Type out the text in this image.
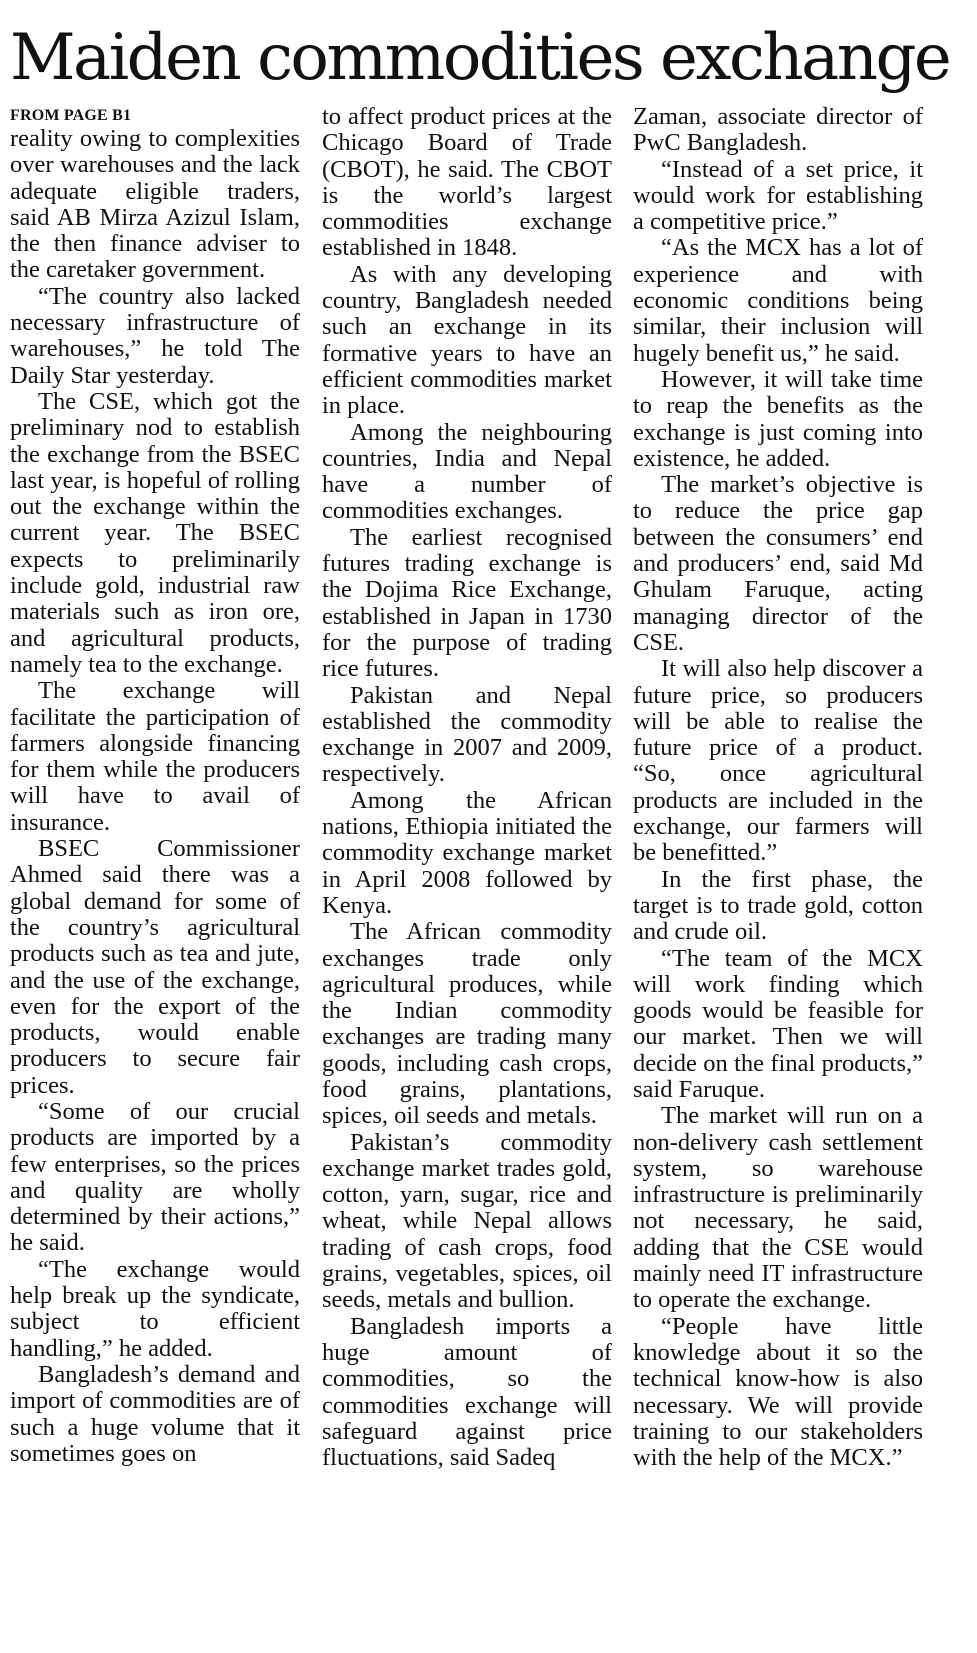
Maiden commodities exchange
FROM PAGE B1

reality owing to complexities over warehouses and the lack adequate eligible traders, said AB Mirza Azizul Islam, the then finance adviser to the caretaker government.

“The country also lacked necessary infrastructure of warehouses,” he told The Daily Star yesterday.

The CSE, which got the preliminary nod to establish the exchange from the BSEC last year, is hopeful of rolling out the exchange within the current year. The BSEC expects to preliminarily include gold, industrial raw materials such as iron ore, and agricultural products, namely tea to the exchange.

The exchange will facilitate the participation of farmers alongside financing for them while the producers will have to avail of insurance.

BSEC Commissioner Ahmed said there was a global demand for some of the country’s agricultural products such as tea and jute, and the use of the exchange, even for the export of the products, would enable producers to secure fair prices.

“Some of our crucial products are imported by a few enterprises, so the prices and quality are wholly determined by their actions,” he said.

“The exchange would help break up the syndicate, subject to efficient handling,” he added.

Bangladesh’s demand and import of commodities are of such a huge volume that it sometimes goes on

to affect product prices at the Chicago Board of Trade (CBOT), he said. The CBOT is the world’s largest commodities exchange established in 1848.

As with any developing country, Bangladesh needed such an exchange in its formative years to have an efficient commodities market in place.

Among the neighbouring countries, India and Nepal have a number of commodities exchanges.

The earliest recognised futures trading exchange is the Dojima Rice Exchange, established in Japan in 1730 for the purpose of trading rice futures.

Pakistan and Nepal established the commodity exchange in 2007 and 2009, respectively.

Among the African nations, Ethiopia initiated the commodity exchange market in April 2008 followed by Kenya.

The African commodity exchanges trade only agricultural produces, while the Indian commodity exchanges are trading many goods, including cash crops, food grains, plantations, spices, oil seeds and metals.

Pakistan’s commodity exchange market trades gold, cotton, yarn, sugar, rice and wheat, while Nepal allows trading of cash crops, food grains, vegetables, spices, oil seeds, metals and bullion.

Bangladesh imports a huge amount of commodities, so the commodities exchange will safeguard against price fluctuations, said Sadeq

Zaman, associate director of PwC Bangladesh.

“Instead of a set price, it would work for establishing a competitive price.”

“As the MCX has a lot of experience and with economic conditions being similar, their inclusion will hugely benefit us,” he said.

However, it will take time to reap the benefits as the exchange is just coming into existence, he added.

The market’s objective is to reduce the price gap between the consumers’ end and producers’ end, said Md Ghulam Faruque, acting managing director of the CSE.

It will also help discover a future price, so producers will be able to realise the future price of a product. “So, once agricultural products are included in the exchange, our farmers will be benefitted.”

In the first phase, the target is to trade gold, cotton and crude oil.

“The team of the MCX will work finding which goods would be feasible for our market. Then we will decide on the final products,” said Faruque.

The market will run on a non-delivery cash settlement system, so warehouse infrastructure is preliminarily not necessary, he said, adding that the CSE would mainly need IT infrastructure to operate the exchange.

“People have little knowledge about it so the technical know-how is also necessary. We will provide training to our stakeholders with the help of the MCX.”
